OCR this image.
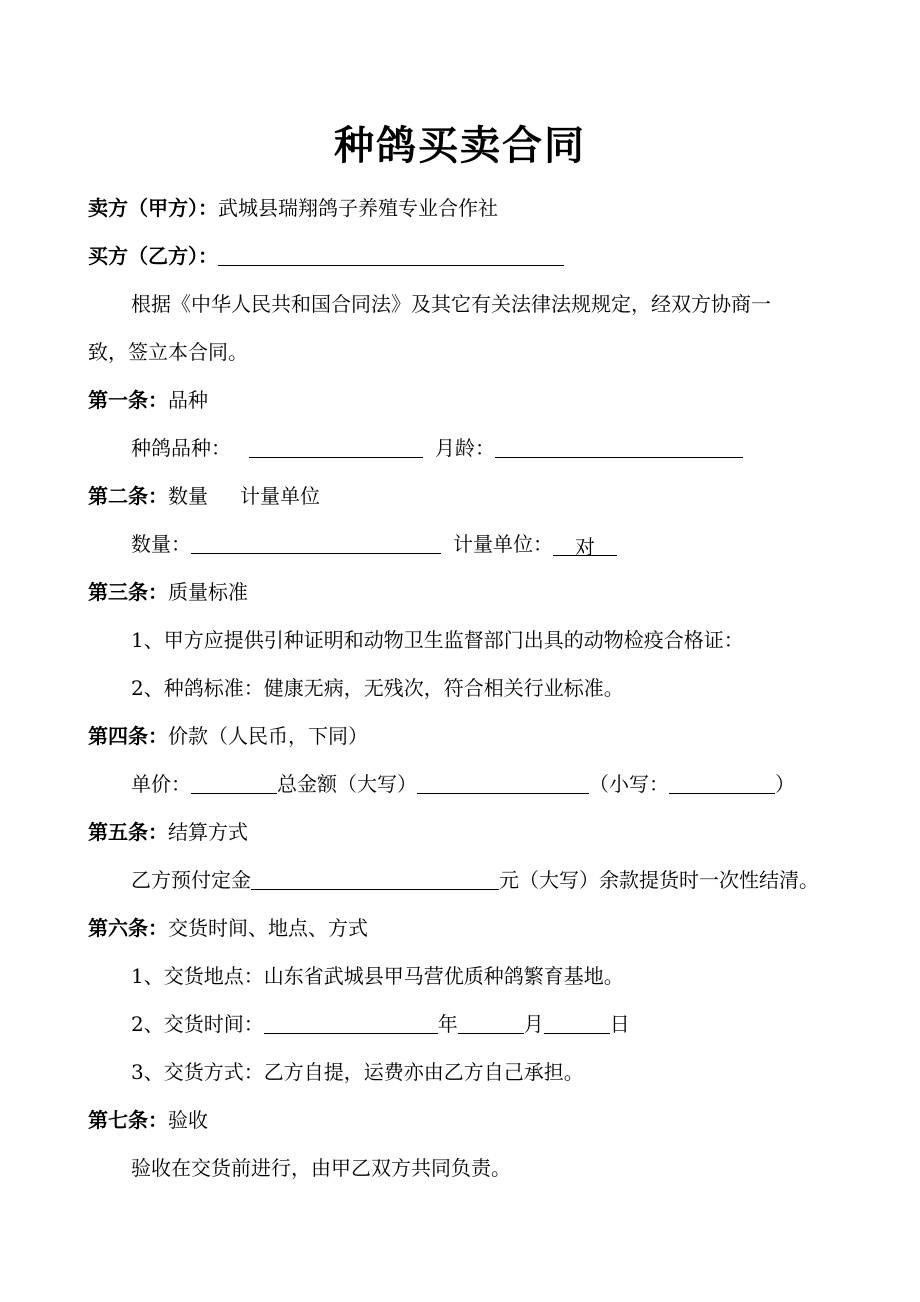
种鸽买卖合同
卖方（甲方）：武城县瑞翔鸽子养殖专业合作社
买方（乙方）：
根据《中华人民共和国合同法》及其它有关法律法规规定，经双方协商一
致，签立本合同。
第一条：品种
种鸽品种：	月龄：
第二条：数量 计量单位
数量：	计量单位： 对
第三条：质量标准
1、甲方应提供引种证明和动物卫生监督部门出具的动物检疫合格证：
2、种鸽标准：健康无病，无残次，符合相关行业标准。
第四条：价款（人民币，下同）
单价：	总金额（大写）	（小写：	）
第五条：结算方式
乙方预付定金	元（大写）余款提货时一次性结清。
第六条：交货时间、地点、方式
1、交货地点：山东省武城县甲马营优质种鸽繁育基地。
2、交货时间：	年	月	日
3、交货方式：乙方自提，运费亦由乙方自己承担。
第七条：验收
验收在交货前进行，由甲乙双方共同负责。
